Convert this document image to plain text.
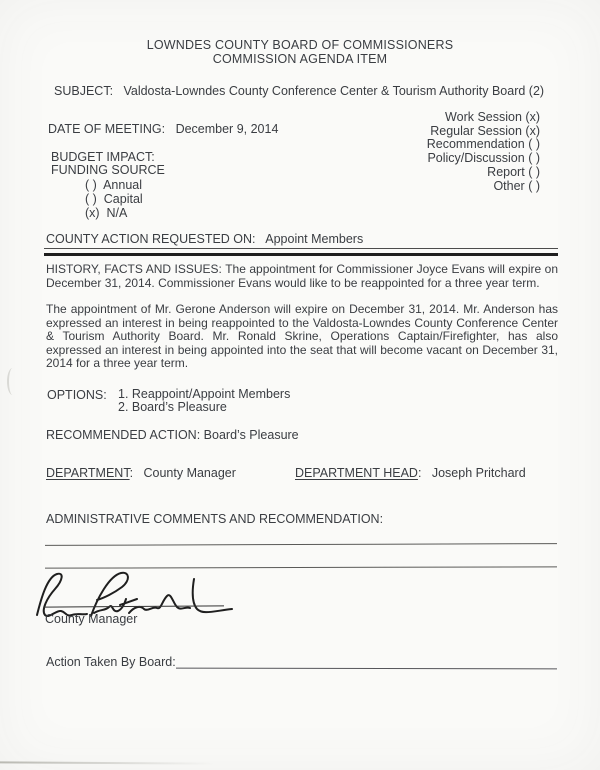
LOWNDES COUNTY BOARD OF COMMISSIONERS
COMMISSION AGENDA ITEM
SUBJECT: Valdosta-Lowndes County Conference Center & Tourism Authority Board (2)
Work Session (x)
Regular Session (x)
Recommendation ( )
Policy/Discussion ( )
Report ( )
Other ( )
DATE OF MEETING: December 9, 2014
BUDGET IMPACT:
FUNDING SOURCE
( ) Annual
( ) Capital
(x) N/A
COUNTY ACTION REQUESTED ON: Appoint Members
HISTORY, FACTS AND ISSUES: The appointment for Commissioner Joyce Evans will expire on December 31, 2014. Commissioner Evans would like to be reappointed for a three year term.
The appointment of Mr. Gerone Anderson will expire on December 31, 2014. Mr. Anderson has expressed an interest in being reappointed to the Valdosta-Lowndes County Conference Center & Tourism Authority Board. Mr. Ronald Skrine, Operations Captain/Firefighter, has also expressed an interest in being appointed into the seat that will become vacant on December 31, 2014 for a three year term.
OPTIONS: 1. Reappoint/Appoint Members
2. Board’s Pleasure
RECOMMENDED ACTION: Board’s Pleasure
DEPARTMENT: County Manager	DEPARTMENT HEAD: Joseph Pritchard
ADMINISTRATIVE COMMENTS AND RECOMMENDATION:
County Manager
Action Taken By Board:
